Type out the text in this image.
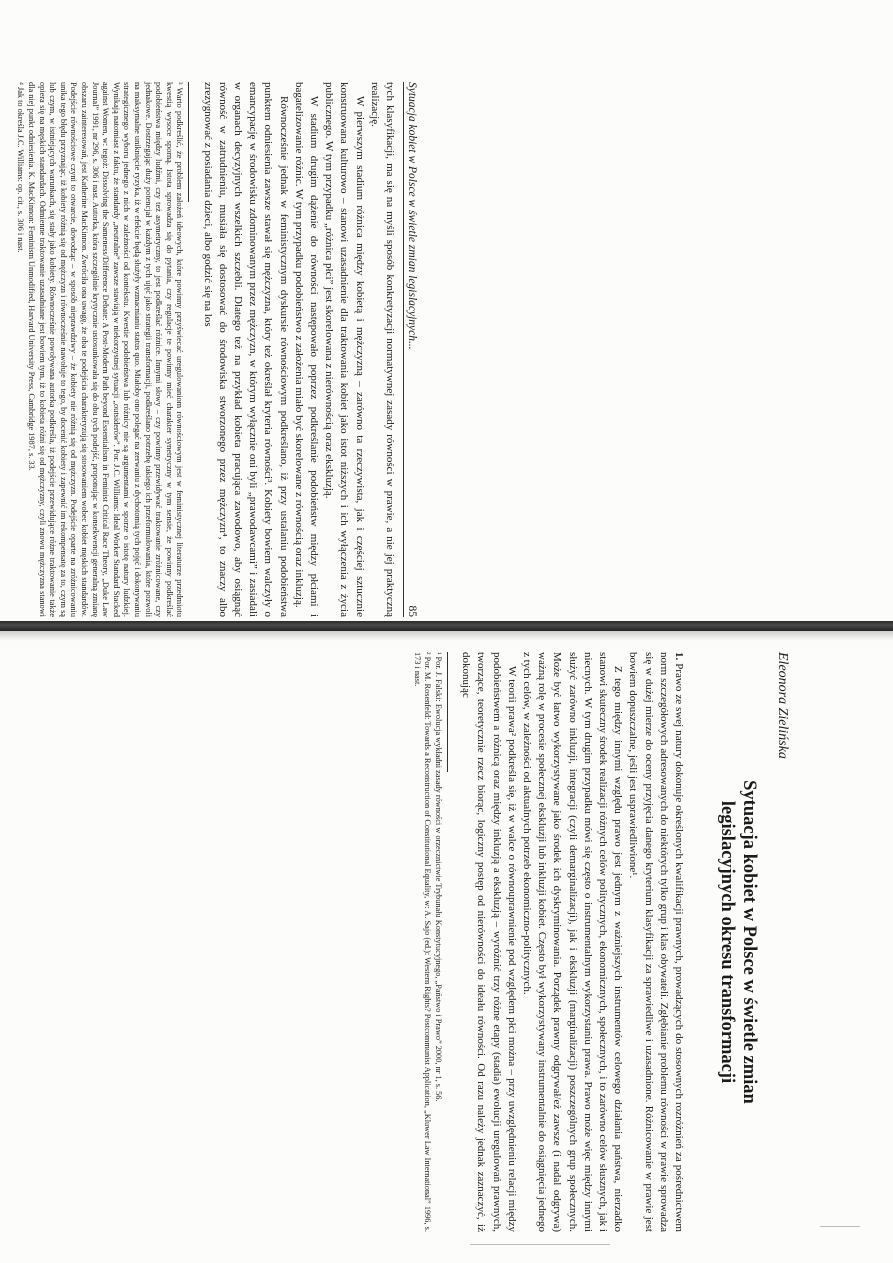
Sytuacja kobiet w Polsce w świetle zmian legislacyjnych...
85

tych klasyfikacji, ma się na myśli sposób konkretyzacji normatywnej zasady równości w prawie, a nie jej praktyczną realizację.

W pierwszym stadium różnica między kobietą i mężczyzną – zarówno ta rzeczywista, jak i częściej sztucznie konstruowana kulturowo – stanowi uzasadnienie dla traktowania kobiet jako istot niższych i ich wyłączenia z życia publicznego. W tym przypadku „różnica płci” jest skorelowana z nierównością oraz ekskluzją.

W stadium drugim dążenie do równości następowało poprzez podkreślanie podobieństw między płciami i bagatelizowanie różnic. W tym przypadku podobieństwo z założenia miało być skorelowane z równością oraz inkluzją.

Równocześnie jednak w feministycznym dyskursie równościowym podkreślano, iż przy ustalaniu podobieństwa punktem odniesienia zawsze stawał się mężczyzna, który też określał kryteria równości³. Kobiety bowiem walczyły o emancypację w środowisku zdominowanym przez mężczyzn, w którym wyłącznie oni byli „prawodawcami” i zasiadali w organach decyzyjnych wszelkich szczebli. Dlatego też na przykład kobieta pracująca zawodowo, aby osiągnąć równość w zatrudnieniu, musiała się dostosować do środowiska stworzonego przez mężczyzn⁴, to znaczy albo zrezygnować z posiadania dzieci, albo godzić się na los

³ Warto podkreślić, że problem założeń ideowych, które powinny przyświecać uregulowaniom równościowym jest w feministycznej literaturze przedmiotu kwestią wysoce sporną. Istota sprowadza się do pytania, czy regulacje te powinny mieć charakter synetryczny w tym sensie, że powinny podkreślać podobieństwa między ludźmi, czy też asymetryczny, to jest podkreślać różnice. Innymi słowy – czy powinny przewidywać traktowanie zróżnicowane, czy jednakowe. Dostrzegając duży potencjał w każdym z tych ujęć jako strategii transformacji, podkreślano potrzebę takiego ich przeformułowania, które pozwoli na maksymalne uniknięcie ryzyka, iż w efekcie będą służyły wzmacnianiu status quo. Miałoby ono polegać na zerwaniu z dychotomią tych pojęć i dokonywaniu strategicznego wyboru jednego z nich w zależności od kontekstu. Kwestie podobieństwa lub różnicy nie są argumentami w sporze o istotę natury ludzkiej. Wynikają natomiast z faktu, że standardy „neutralne” zawsze stawiają w niekorzystnej sytuacji „outsiderów”. Por. J.C. Williams: Ideal Worker Standard Stacked against Women, w: tegoż: Dissolving the Sameness/Difference Debate: A Post-Modern Path beyond Essentialism in Feminist Critical Race Theory, „Duke Law Journal” 1991, nr 296, s. 306 i nast. Autorka, która szczególnie krytycznie ustosunkowała się do obu tych podejść, proponując w konsekwencji generalną zmianę obszaru zainteresowań, jest Katherine MacKinnon. Zwróciła ona uwagę, że oba te podejścia charakteryzują się stosowaniem wobec kobiet męskich standardów. Podejście równościowe czyni to otwarcie, dowodząc – w sposób nieprawdziwy – że kobiety nie różnią się od mężczyzn. Podejście oparte na zróżnicowaniu unika tego błędu przyznając, iż kobiety różnią się od mężczyzn i równocześnie nawołuje to tego, by docenić kobiety i zapewnić im rekompensatę za to, czym są lub czym, w istniejących warunkach, się stały jako kobiety. Równocześnie powoływana autorka podkreśla, iż podejście przewidujące różne traktowanie także opiera się na męskich standardach. Odmienne traktowanie uzasadniane jest bowiem tym, iż to kobieta różni się od mężczyzny, czyli znowu mężczyzna stanowi dla niej punkt odniesienia. K. MacKinnon: Feminism Unmodified, Harvard University Press, Cambridge 1987, s. 33.

⁴ Jak to określa J.C. Williams: op. cit., s. 306 i nast.

Eleonora Zielińska
Sytuacja kobiet w Polsce w świetle zmian
legislacyjnych okresu transformacji

1. Prawo ze swej natury dokonuje określonych kwalifikacji prawnych, prowadzących do stosownych rozróżnień za pośrednictwem norm szczegółowych adresowanych do niektórych tylko grup i klas obywateli. Zgłębianie problemu równości w prawie sprowadza się w dużej mierze do oceny przyjęcia danego kryterium klasyfikacji za sprawiedliwe i uzasadnione. Różnicowanie w prawie jest bowiem dopuszczalne, jeśli jest usprawiedliwione¹.

Z tego między innymi względu prawo jest jednym z ważniejszych instrumentów celowego działania państwa, nierzadko stanowi skuteczny środek realizacji różnych celów politycznych, ekonomicznych, społecznych, i to zarówno celów słusznych, jak i niecnych. W tym drugim przypadku mówi się często o instrumentalnym wykorzystaniu prawa. Prawo może więc między innymi służyć zarówno inkluzji, integracji (czyli demarginalizacji), jak i ekskluzji (marginalizacji) poszczególnych grup społecznych. Może być łatwo wykorzystywane jako środek ich dyskryminowania. Porządek prawny odgrywał/eż zawsze (i nadal odgrywa) ważną rolę w procesie społecznej ekskluzji lub inkluzji kobiet. Często był wykorzystywany instrumentalnie do osiągnięcia jednego z tych celów, w zależności od aktualnych potrzeb ekonomiczno-politycznych.

W teorii prawa² podkreśla się, iż w walce o równouprawnienie pod względem płci można – przy uwzględnieniu relacji między podobieństwem a różnicą oraz między inkluzją a ekskluzją – wyróżnić trzy różne etapy (stadia) ewolucji uregulowań prawnych, tworzące, teoretycznie rzecz biorąc, logiczny postęp od nierówności do ideału równości. Od razu należy jednak zaznaczyć, iż dokonując

¹ Por. J. Falski: Ewolucja wykładni zasady równości w orzecznictwie Trybunału Konstytucyjnego, „Państwo i Prawo” 2000, nr 1, s. 56.

² Por. M. Rosenfeld: Towards a Reconstruction of Constitutional Equality, w: A. Sajo (ed.): Western Rights? Postcommunist Application, „Kluwer Law International” 1996, s. 173 i nast.
